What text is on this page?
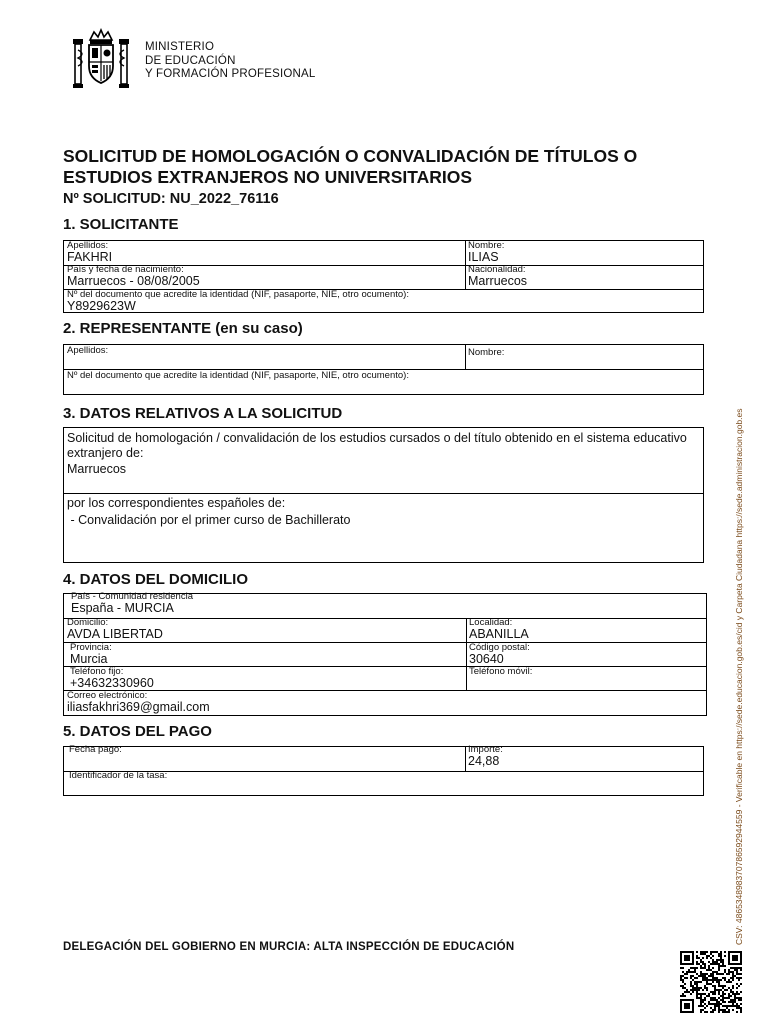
MINISTERIO
DE EDUCACIÓN
Y FORMACIÓN PROFESIONAL
SOLICITUD DE HOMOLOGACIÓN O CONVALIDACIÓN DE TÍTULOS O ESTUDIOS EXTRANJEROS NO UNIVERSITARIOS
Nº SOLICITUD: NU_2022_76116
1. SOLICITANTE
Apellidos:
FAKHRI
Nombre:
ILIAS
País y fecha de nacimiento:
Marruecos - 08/08/2005
Nacionalidad:
Marruecos
Nº del documento que acredite la identidad (NIF, pasaporte, NIE, otro ocumento):
Y8929623W
2. REPRESENTANTE (en su caso)
Apellidos:	Nombre:
Nº del documento que acredite la identidad (NIF, pasaporte, NIE, otro ocumento):
3. DATOS RELATIVOS A LA SOLICITUD
Solicitud de homologación / convalidación de los estudios cursados o del título obtenido en el sistema educativo extranjero de:
Marruecos
por los correspondientes españoles de:
- Convalidación por el primer curso de Bachillerato
4. DATOS DEL DOMICILIO
País - Comunidad residencia
España - MURCIA
Domicilio:
AVDA LIBERTAD
Localidad:
ABANILLA
Provincia:
Murcia
Código postal:
30640
Teléfono fijo:
+34632330960
Teléfono móvil:
Correo electrónico:
iliasfakhri369@gmail.com
5. DATOS DEL PAGO
Fecha pago:	Importe:
24,88
Identificador de la tasa:
DELEGACIÓN DEL GOBIERNO EN MURCIA: ALTA INSPECCIÓN DE EDUCACIÓN
CSV: 486534898370786592944559 - Verificable en https://sede.educacion.gob.es/cid y Carpeta Ciudadana https://sede.administracion.gob.es
